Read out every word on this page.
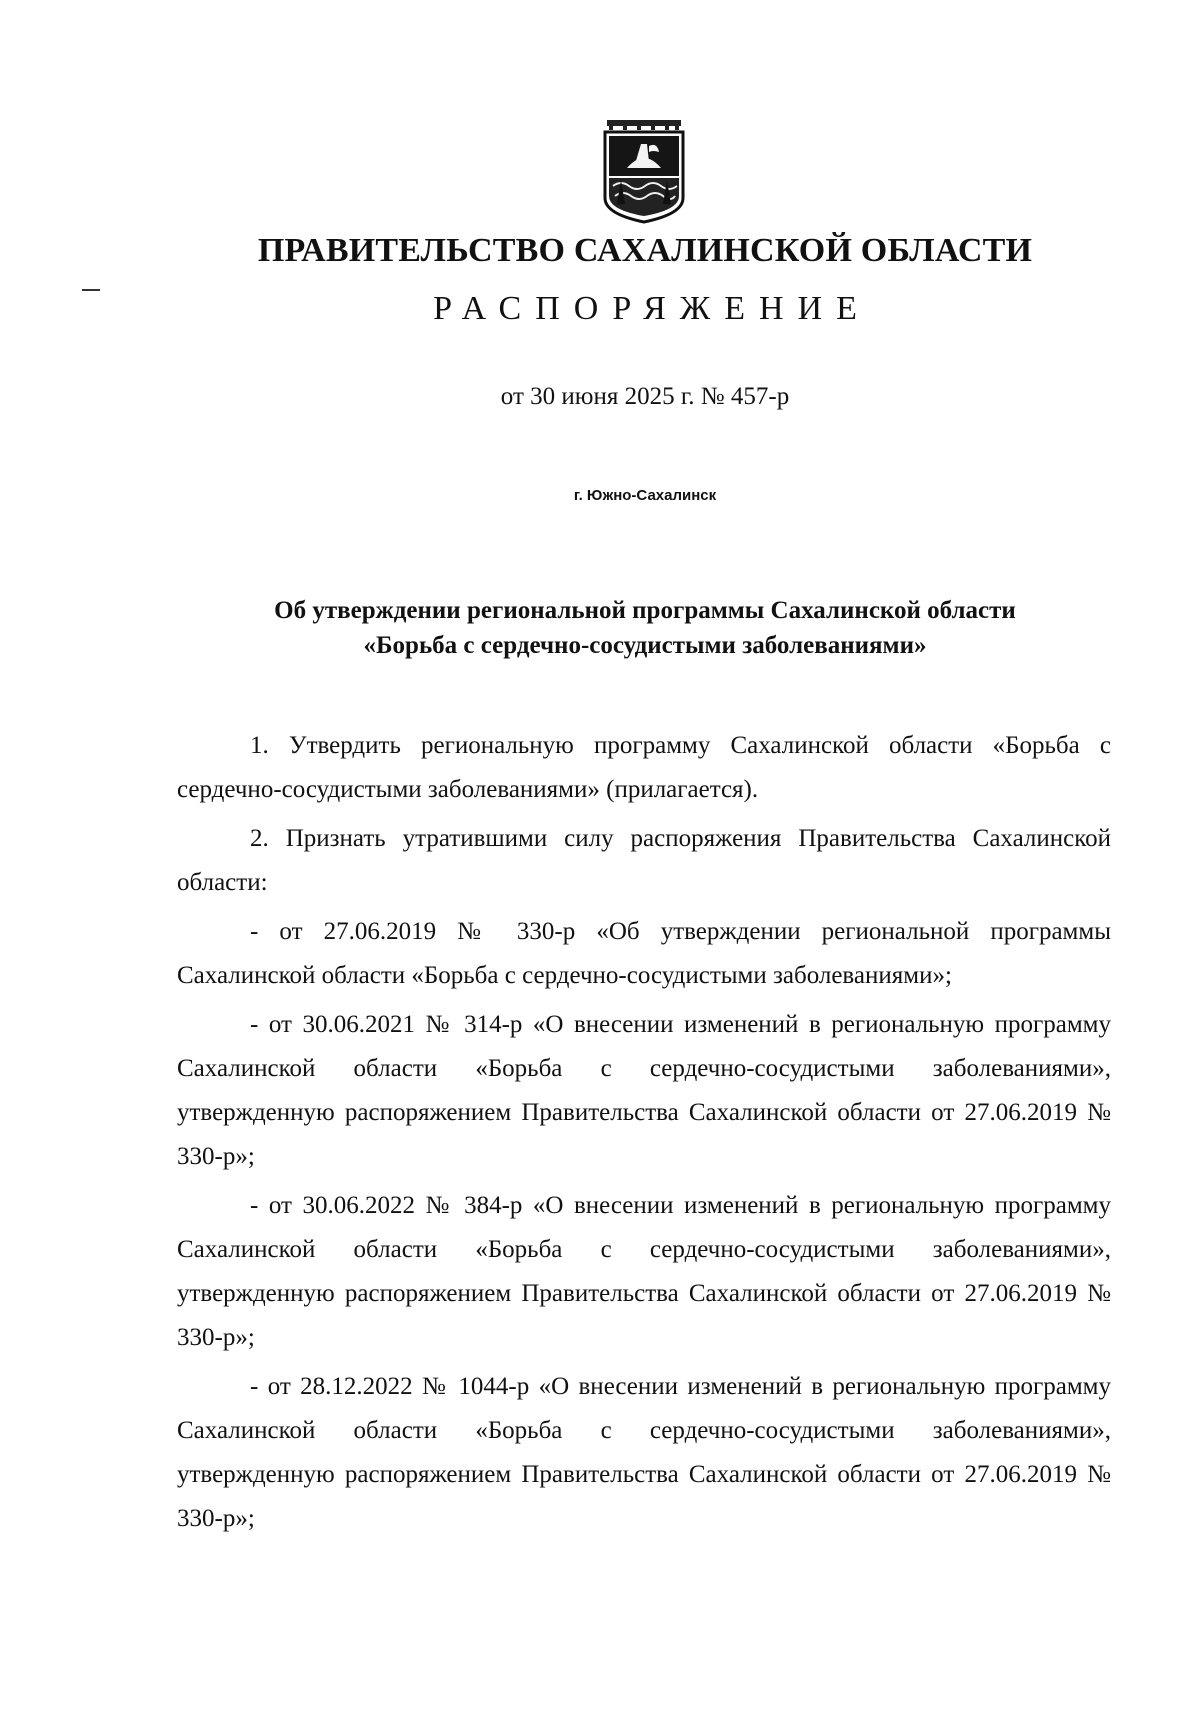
ПРАВИТЕЛЬСТВО САХАЛИНСКОЙ ОБЛАСТИ
РАСПОРЯЖЕНИЕ
от 30 июня 2025 г. № 457-р
г. Южно-Сахалинск
Об утверждении региональной программы Сахалинской области
«Борьба с сердечно-сосудистыми заболеваниями»

1. Утвердить региональную программу Сахалинской области «Борьба с сердечно-сосудистыми заболеваниями» (прилагается).

2. Признать утратившими силу распоряжения Правительства Сахалинской области:

- от 27.06.2019 № 330-р «Об утверждении региональной программы Сахалинской области «Борьба с сердечно-сосудистыми заболеваниями»;

- от 30.06.2021 № 314-р «О внесении изменений в региональную программу Сахалинской области «Борьба с сердечно-сосудистыми заболеваниями», утвержденную распоряжением Правительства Сахалинской области от 27.06.2019 № 330-р»;

- от 30.06.2022 № 384-р «О внесении изменений в региональную программу Сахалинской области «Борьба с сердечно-сосудистыми заболеваниями», утвержденную распоряжением Правительства Сахалинской области от 27.06.2019 № 330-р»;

- от 28.12.2022 № 1044-р «О внесении изменений в региональную программу Сахалинской области «Борьба с сердечно-сосудистыми заболеваниями», утвержденную распоряжением Правительства Сахалинской области от 27.06.2019 № 330-р»;
